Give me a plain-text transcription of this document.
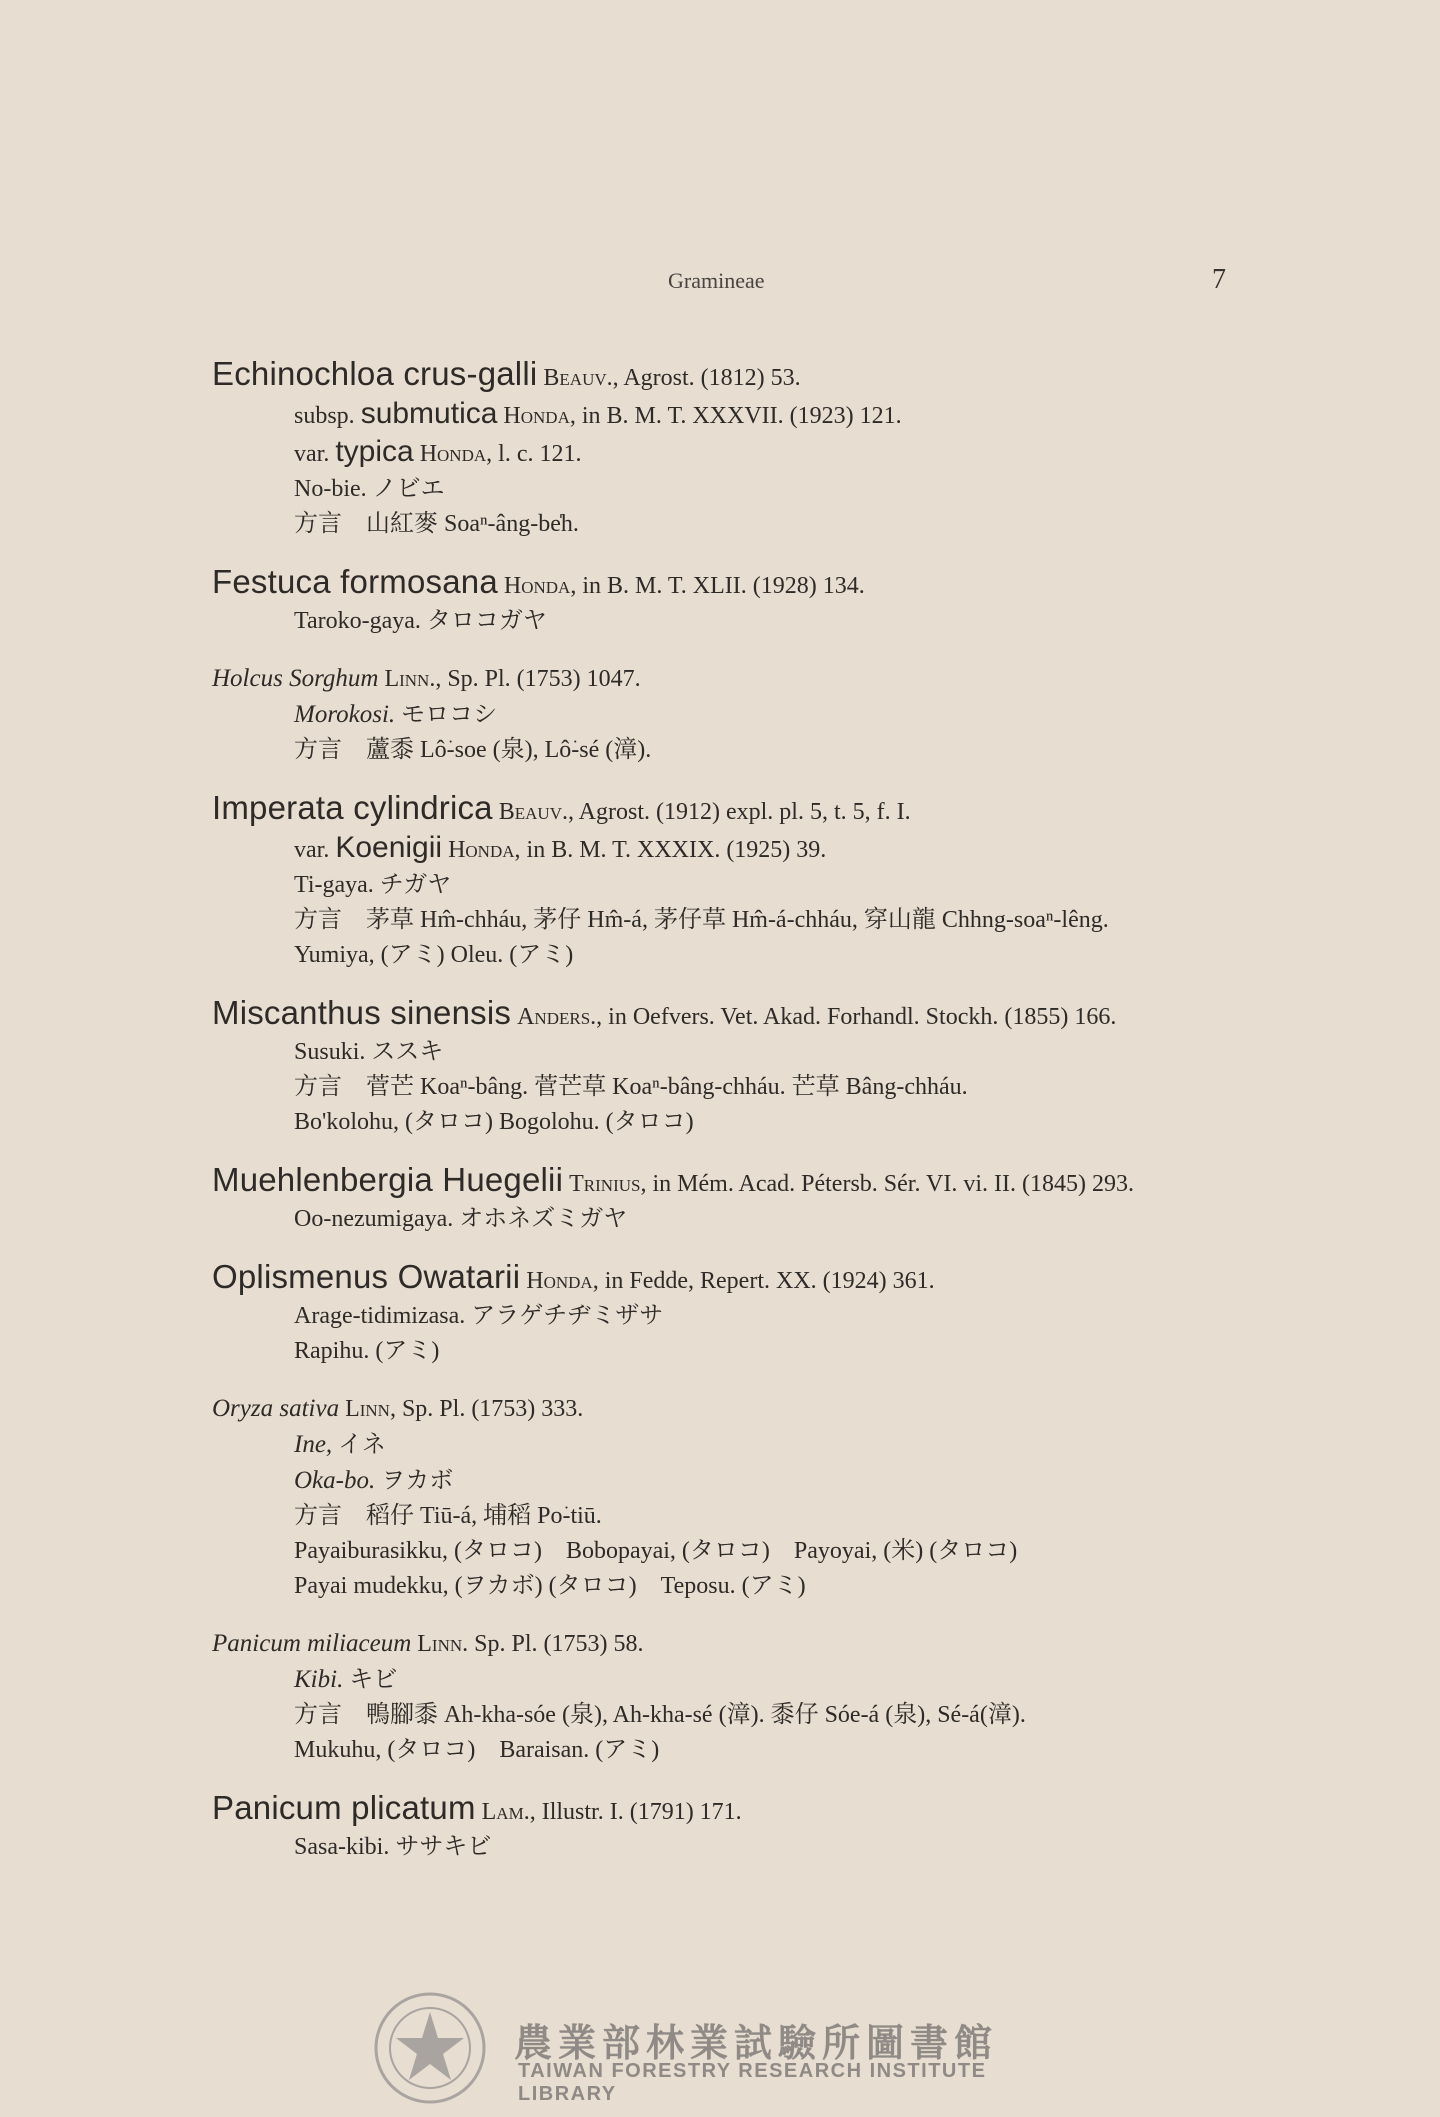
Gramineae	7
Echinochloa crus-galli Beauv., Agrost. (1812) 53.
subsp. submutica Honda, in B. M. T. XXXVII. (1923) 121.
var. typica Honda, l. c. 121.
No-bie. ノビエ
方言　山紅麥 Soaⁿ-âng-be̍h.
Festuca formosana Honda, in B. M. T. XLII. (1928) 134.
Taroko-gaya. タロコガヤ
Holcus Sorghum Linn., Sp. Pl. (1753) 1047.
Morokosi. モロコシ
方言　蘆黍 Lô͘-soe (泉), Lô͘-sé (漳).
Imperata cylindrica Beauv., Agrost. (1912) expl. pl. 5, t. 5, f. I.
var. Koenigii Honda, in B. M. T. XXXIX. (1925) 39.
Ti-gaya. チガヤ
方言　茅草 Hm̂-chháu, 茅仔 Hm̂-á, 茅仔草 Hm̂-á-chháu, 穿山龍 Chhng-soaⁿ-lêng.
Yumiya, (アミ) Oleu. (アミ)
Miscanthus sinensis Anders., in Oefvers. Vet. Akad. Forhandl. Stockh. (1855) 166.
Susuki. ススキ
方言　菅芒 Koaⁿ-bâng. 菅芒草 Koaⁿ-bâng-chháu. 芒草 Bâng-chháu.
Bo'kolohu, (タロコ) Bogolohu. (タロコ)
Muehlenbergia Huegelii Trinius, in Mém. Acad. Pétersb. Sér. VI. vi. II. (1845) 293.
Oo-nezumigaya. オホネズミガヤ
Oplismenus Owatarii Honda, in Fedde, Repert. XX. (1924) 361.
Arage-tidimizasa. アラゲチヂミザサ
Rapihu. (アミ)
Oryza sativa Linn, Sp. Pl. (1753) 333.
Ine, イネ
Oka-bo. ヲカボ
方言　稻仔 Tiū-á, 埔稻 Po͘-tiū.
Payaiburasikku, (タロコ)　Bobopayai, (タロコ)　Payoyai, (米) (タロコ)
Payai mudekku, (ヲカボ) (タロコ)　Teposu. (アミ)
Panicum miliaceum Linn. Sp. Pl. (1753) 58.
Kibi. キビ
方言　鴨腳黍 Ah-kha-sóe (泉), Ah-kha-sé (漳). 黍仔 Sóe-á (泉), Sé-á(漳).
Mukuhu, (タロコ)　Baraisan. (アミ)
Panicum plicatum Lam., Illustr. I. (1791) 171.
Sasa-kibi. ササキビ
農業部林業試驗所圖書館
TAIWAN FORESTRY RESEARCH INSTITUTE LIBRARY
